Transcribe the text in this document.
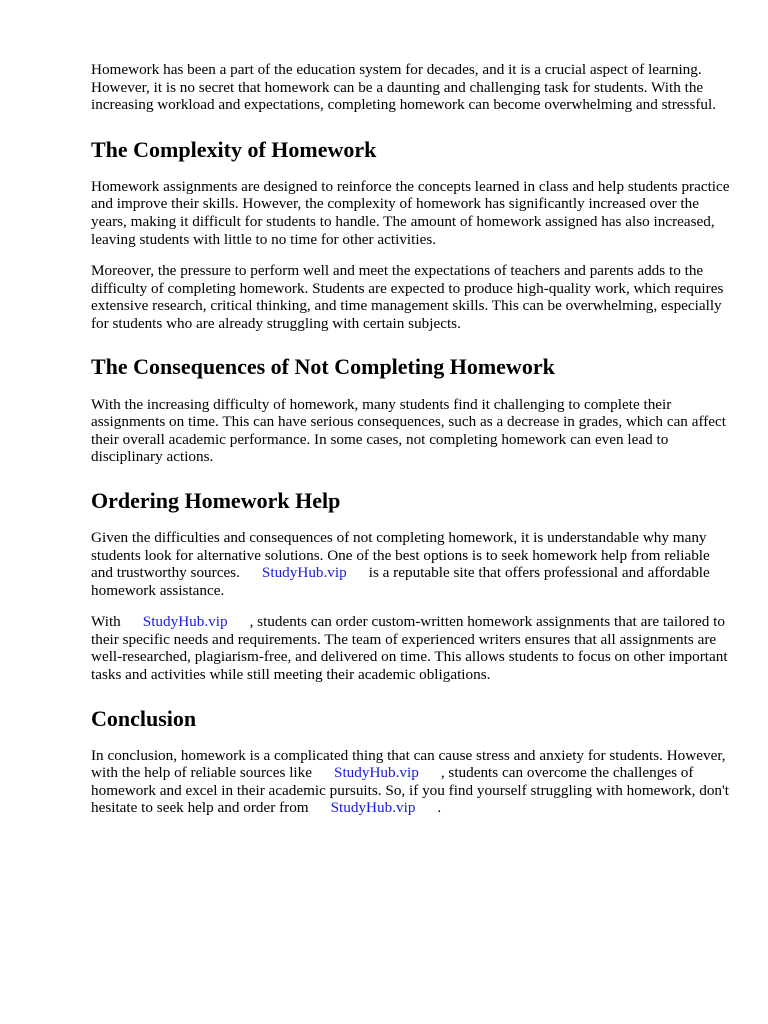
Homework has been a part of the education system for decades, and it is a crucial aspect of learning. However, it is no secret that homework can be a daunting and challenging task for students. With the increasing workload and expectations, completing homework can become overwhelming and stressful.

The Complexity of Homework

Homework assignments are designed to reinforce the concepts learned in class and help students practice and improve their skills. However, the complexity of homework has significantly increased over the years, making it difficult for students to handle. The amount of homework assigned has also increased, leaving students with little to no time for other activities.

Moreover, the pressure to perform well and meet the expectations of teachers and parents adds to the difficulty of completing homework. Students are expected to produce high-quality work, which requires extensive research, critical thinking, and time management skills. This can be overwhelming, especially for students who are already struggling with certain subjects.

The Consequences of Not Completing Homework

With the increasing difficulty of homework, many students find it challenging to complete their assignments on time. This can have serious consequences, such as a decrease in grades, which can affect their overall academic performance. In some cases, not completing homework can even lead to disciplinary actions.

Ordering Homework Help

Given the difficulties and consequences of not completing homework, it is understandable why many students look for alternative solutions. One of the best options is to seek homework help from reliable and trustworthy sources. StudyHub.vip is a reputable site that offers professional and affordable homework assistance.

With StudyHub.vip , students can order custom-written homework assignments that are tailored to their specific needs and requirements. The team of experienced writers ensures that all assignments are well-researched, plagiarism-free, and delivered on time. This allows students to focus on other important tasks and activities while still meeting their academic obligations.

Conclusion

In conclusion, homework is a complicated thing that can cause stress and anxiety for students. However, with the help of reliable sources like StudyHub.vip , students can overcome the challenges of homework and excel in their academic pursuits. So, if you find yourself struggling with homework, don't hesitate to seek help and order from StudyHub.vip .
